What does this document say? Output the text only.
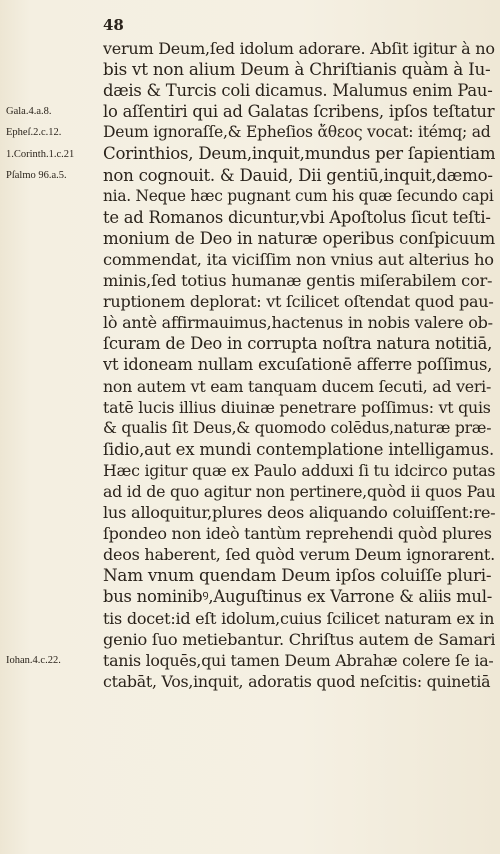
48
verum Deum,ſed idolum adorare. Abſit igitur à no
bis vt non alium Deum à Chriſtianis quàm à Iu-
dæis & Turcis coli dicamus. Malumus enim Pau-
lo aſſentiri qui ad Galatas ſcribens, ipſos teſtatur
Deum ignoraſſe,& Epheſios ἄθεος vocat: itémq; ad
Corinthios, Deum,inquit,mundus per ſapientiam
non cognouit. & Dauid, Dii gentiū,inquit,dæmo-
nia. Neque hæc pugnant cum his quæ ſecundo capi
te ad Romanos dicuntur,vbi Apoſtolus ſicut teſti-
monium de Deo in naturæ operibus conſpicuum
commendat, ita viciſſim non vnius aut alterius ho
minis,ſed totius humanæ gentis miſerabilem cor-
ruptionem deplorat: vt ſcilicet oſtendat quod pau-
lò antè affirmauimus,hactenus in nobis valere ob-
ſcuram de Deo in corrupta noſtra natura notitiā,
vt idoneam nullam excuſationē afferre poſſimus,
non autem vt eam tanquam ducem ſecuti, ad veri-
tatē lucis illius diuinæ penetrare poſſimus: vt quis
& qualis ſit Deus,& quomodo colēdus,naturæ præ-
ſidio,aut ex mundi contemplatione intelligamus.
Hæc igitur quæ ex Paulo adduxi ſi tu idcirco putas
ad id de quo agitur non pertinere,quòd ii quos Pau
lus alloquitur,plures deos aliquando coluiſſent:re-
ſpondeo non ideò tantùm reprehendi quòd plures
deos haberent, ſed quòd verum Deum ignorarent.
Nam vnum quendam Deum ipſos coluiſſe pluri-
bus nominibꝰ,Auguſtinus ex Varrone & aliis mul-
tis docet:id eſt idolum,cuius ſcilicet naturam ex in
genio ſuo metiebantur. Chriſtus autem de Samari
tanis loquēs,qui tamen Deum Abrahæ colere ſe ia-
ctabāt, Vos,inquit, adoratis quod neſcitis: quinetiā
Gala.4.a.8.
Epheſ.2.c.12.
1.Corinth.1.c.21
Pſalmo 96.a.5.
Iohan.4.c.22.
